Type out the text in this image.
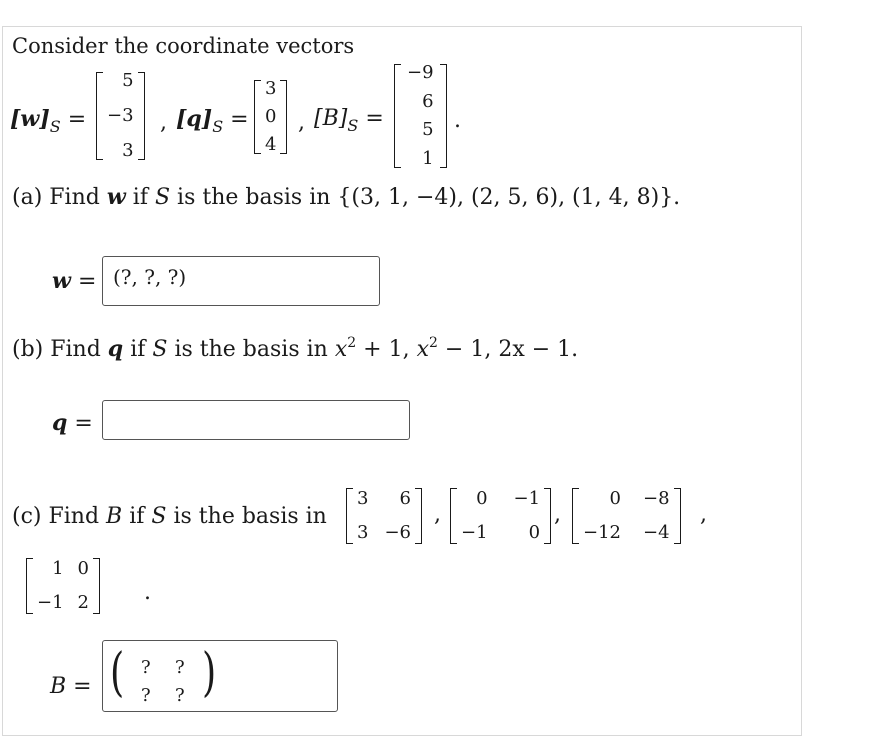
Consider the coordinate vectors
$[w]_S$ =
5
−3
3
, $[q]_S$ =
3
0
4
, $[B]_S$ =
−9
6
5
1
.
(a) Find w if S is the basis in {(3, 1, −4), (2, 5, 6), (1, 4, 8)}.
w = (?, ?, ?)
(b) Find q if S is the basis in $x^2 + 1$, $x^2 - 1$, 2x − 1.
q =
(c) Find B if S is the basis in
3 6
3 −6
,
0 −1
−1 0
,
0 −8
−12 −4
,
1 0
−1 2	.
B = ( ? ?
? ? )
